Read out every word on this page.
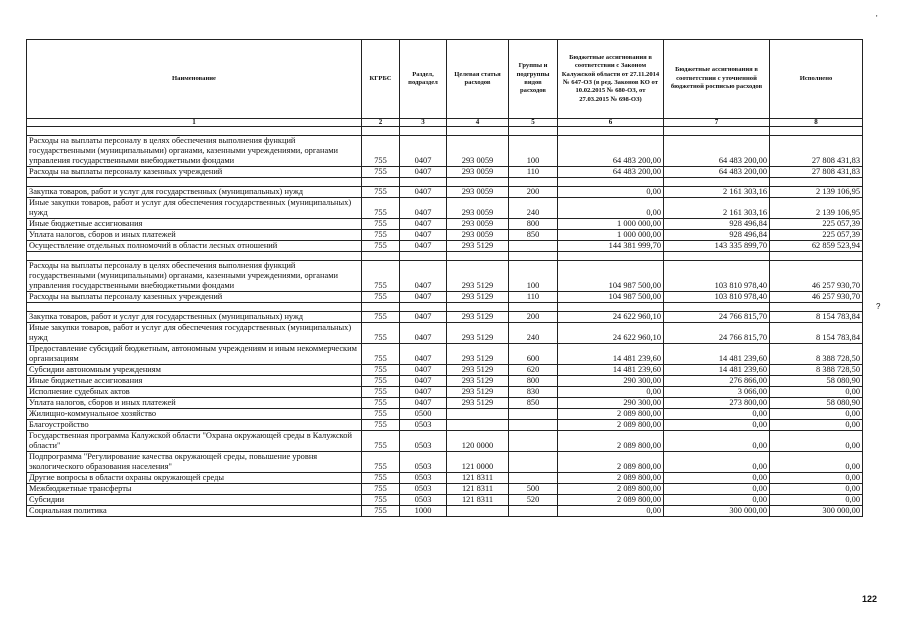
Наименование	КГРБС	Раздел, подраздел	Целевая статья расходов	Группы и подгруппы видов расходов	Бюджетные ассигнования в соответствии с Законом Калужской области от 27.11.2014 № 647-ОЗ (в ред. Законов КО от 10.02.2015 № 680-ОЗ, от 27.03.2015 № 698-ОЗ)	Бюджетные ассигнования в соответствии с уточненной бюджетной росписью расходов	Исполнено
1	2	3	4	5	6	7	8

Расходы на выплаты персоналу в целях обеспечения выполнения функций государственными (муниципальными) органами, казенными учреждениями, органами управления государственными внебюджетными фондами	755	0407	293 0059	100	64 483 200,00	64 483 200,00	27 808 431,83
Расходы на выплаты персоналу казенных учреждений	755	0407	293 0059	110	64 483 200,00	64 483 200,00	27 808 431,83

Закупка товаров, работ и услуг для государственных (муниципальных) нужд	755	0407	293 0059	200	0,00	2 161 303,16	2 139 106,95
Иные закупки товаров, работ и услуг для обеспечения государственных (муниципальных) нужд	755	0407	293 0059	240	0,00	2 161 303,16	2 139 106,95
Иные бюджетные ассигнования	755	0407	293 0059	800	1 000 000,00	928 496,84	225 057,39
Уплата налогов, сборов и иных платежей	755	0407	293 0059	850	1 000 000,00	928 496,84	225 057,39
Осуществление отдельных полномочий в области лесных отношений	755	0407	293 5129		144 381 999,70	143 335 899,70	62 859 523,94

Расходы на выплаты персоналу в целях обеспечения выполнения функций государственными (муниципальными) органами, казенными учреждениями, органами управления государственными внебюджетными фондами	755	0407	293 5129	100	104 987 500,00	103 810 978,40	46 257 930,70
Расходы на выплаты персоналу казенных учреждений	755	0407	293 5129	110	104 987 500,00	103 810 978,40	46 257 930,70

Закупка товаров, работ и услуг для государственных (муниципальных) нужд	755	0407	293 5129	200	24 622 960,10	24 766 815,70	8 154 783,84
Иные закупки товаров, работ и услуг для обеспечения государственных (муниципальных) нужд	755	0407	293 5129	240	24 622 960,10	24 766 815,70	8 154 783,84
Предоставление субсидий бюджетным, автономным учреждениям и иным некоммерческим организациям	755	0407	293 5129	600	14 481 239,60	14 481 239,60	8 388 728,50
Субсидии автономным учреждениям	755	0407	293 5129	620	14 481 239,60	14 481 239,60	8 388 728,50
Иные бюджетные ассигнования	755	0407	293 5129	800	290 300,00	276 866,00	58 080,90
Исполнение судебных актов	755	0407	293 5129	830	0,00	3 066,00	0,00
Уплата налогов, сборов и иных платежей	755	0407	293 5129	850	290 300,00	273 800,00	58 080,90
Жилищно-коммунальное хозяйство	755	0500			2 089 800,00	0,00	0,00
Благоустройство	755	0503			2 089 800,00	0,00	0,00
Государственная программа Калужской области "Охрана окружающей среды в Калужской области"	755	0503	120 0000		2 089 800,00	0,00	0,00
Подпрограмма "Регулирование качества окружающей среды, повышение уровня экологического образования населения"	755	0503	121 0000		2 089 800,00	0,00	0,00
Другие вопросы в области охраны окружающей среды	755	0503	121 8311		2 089 800,00	0,00	0,00
Межбюджетные трансферты	755	0503	121 8311	500	2 089 800,00	0,00	0,00
Субсидии	755	0503	121 8311	520	2 089 800,00	0,00	0,00
Социальная политика	755	1000			0,00	300 000,00	300 000,00
'
?
122
